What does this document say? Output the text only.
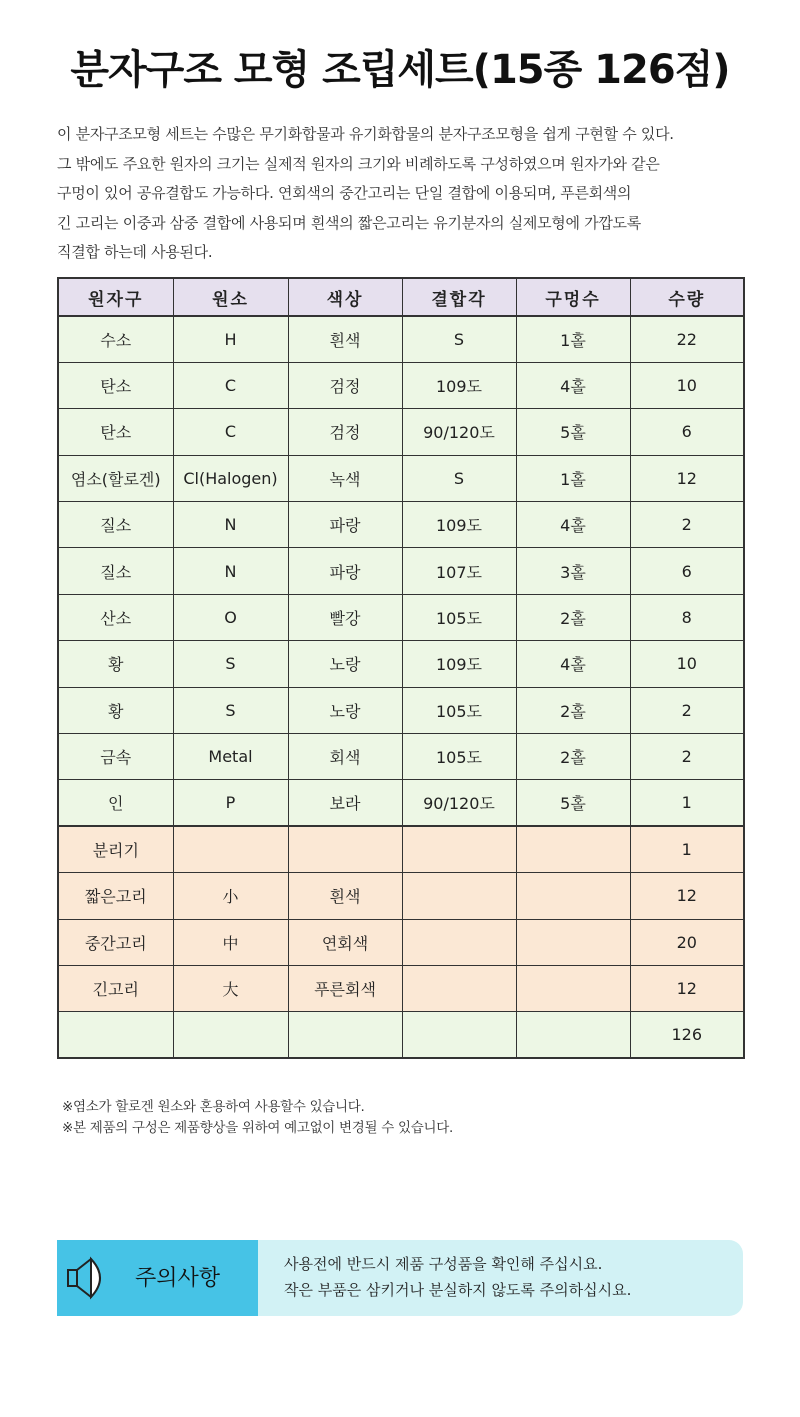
분자구조 모형 조립세트(15종 126점)
이 분자구조모형 세트는 수많은 무기화합물과 유기화합물의 분자구조모형을 쉽게 구현할 수 있다.
그 밖에도 주요한 원자의 크기는 실제적 원자의 크기와 비례하도록 구성하였으며 원자가와 같은
구멍이 있어 공유결합도 가능하다. 연회색의 중간고리는 단일 결합에 이용되며, 푸른회색의
긴 고리는 이중과 삼중 결합에 사용되며 흰색의 짧은고리는 유기분자의 실제모형에 가깝도록
직결합 하는데 사용된다.
원자구	원소	색상	결합각	구멍수	수량
수소	H	흰색	S	1홀	22
탄소	C	검정	109도	4홀	10
탄소	C	검정	90/120도	5홀	6
염소(할로겐)	Cl(Halogen)	녹색	S	1홀	12
질소	N	파랑	109도	4홀	2
질소	N	파랑	107도	3홀	6
산소	O	빨강	105도	2홀	8
황	S	노랑	109도	4홀	10
황	S	노랑	105도	2홀	2
금속	Metal	회색	105도	2홀	2
인	P	보라	90/120도	5홀	1
분리기					1
짧은고리	小	흰색			12
중간고리	中	연회색			20
긴고리	大	푸른회색			12
					126
※염소가 할로겐 원소와 혼용하여 사용할수 있습니다.
※본 제품의 구성은 제품향상을 위하여 예고없이 변경될 수 있습니다.
주의사항
사용전에 반드시 제품 구성품을 확인해 주십시요.
작은 부품은 삼키거나 분실하지 않도록 주의하십시요.
